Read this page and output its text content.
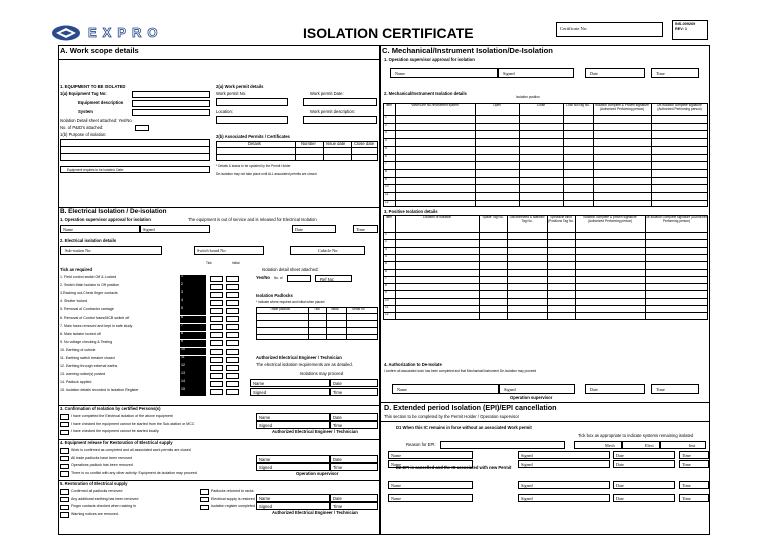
EXPRO	ISOLATION CERTIFICATE	Certificate No:
INS-009269
REV: 1
A. Work scope details
1. EQUIPMENT TO BE ISOLATED
1(a) Equipment Tag No:
Equipment description
System
Isolation Detail sheet attached: Yes/No
No. of P&ID's attached:
1(b) Purpose of isolation:
Equipment requires to be isolated. Date:
2(a) Work permit details
Work permit No.	Work permit Date:
Location:	Work permit description:
2(b) Associated Permits / Certificates
Details	Number Issue date Close date
* Details & status to be updated by the Permit Holder
De-isolation may not take place until ALL associated permits are closed
B. Electrical Isolation / De-isolation
1. Operation supervisor approval for isolation	The equipment is out of service and is released for Electrical Isolation
Name	Signed	Date	Time
2. Electrical isolation details
Sub-station No:	Switch board No:	Cubicle No:
Tick as required
Tick	Initial
1. Field control switch Off & Locked	1
2. Switch Main Isolator to Off position	2
3.Racking out-Check finger contacts	3
4. Shutter locked	4
5. Removal of Contractor carriage	5
6. Removal of Control fuses/MCB switch off	6
7. Main fuses removed and kept in safe study	7
8. Main isolator locked off	8
9. No voltage checking & Testing	9
10. Earthing of cubicle	10
11. Earthing switch breaker closed	11
12. Earthing through external earths	12
13. warning notice(s) posted	13
14. Padlock applied	14
15. Isolation details recorded in Isolation Register	15
Isolation detail sheet attached:
Yes/No No. of	Ref No:
Isolation Padlocks
* indicate where required and initial when placed
Trade padlock	Tick	Initial	Serial no
Authorized Electrical Engineer / Technician
The electrical isolation requirements are as detailed.
Isolations may proceed
Name	Date
Signed	Time
3. Confirmation of Isolation by certified Persons(s)
I have completed the Electrical isolation of the above equipment
I have checked the equipment cannot be started from the Sub-station or MCC
I have checked the equipment cannot be started locally.
Name	Date
Signed	Time
Authorized Electrical Engineer / Technician
4. Equipment release for Restoration of Electrical supply
Work is confirmed as completed and all associated work permits are closed
All trade padlocks have been removed
Operations padlock has been removed
There is no conflict with any other activity: Equipment de-isolation may proceed
Name	Date
Signed	Time
Operation supervisor
5. Restoration of Electrical supply
Confirmed all padlocks removed
Any additional earthing has been removed
Finger contacts checked when racking in
Warning notices are removed.
Padlocks returned to racks
Electrical supply is restored
Isolation register completed
Name	Date
Signed	Time
Authorized Electrical Engineer / Technician
C. Mechanical/Instrument Isolation/De-Isolation
1. Operation supervisor approval for isolation
Name	Signed	Date	Time
2. Mechanical/Instrument Isolation details
Isolation position
Item	Valve/Line No./Instrument system	Open	Close	Lock No/Tag No.	Isolation complete & Proven signature (Authorized Performing person)
De-isolation complete signature (Authorized Performing person)
1
2
3
4
5
6
7
8
9
10
11
12
3. Positive Isolation details
Item	Location of Isolation	Spade Tag No.	Disconnected & Blanked Tag No.
Spectacle blind (Positions Tag No.
Isolation complete & proven signature (Authorized Performing person)
De-isolation complete signature (Authorized Performing person)
1
2
3
4
5
6
7
8
9
10
11
12
4. Authorization to De-Isolate
I confirm all associated work has been completed and that Mechanical/Instrument De-Isolation may proceed
Name	Signed	Date	Time
Operation supervisor
D. Extended period Isolation (EPI)/EPI cancellation
This section to be completed by the Permit Holder / Operation supervisor
D1 When this IC remains in force without an associated Work permit
Tick box as appropriate to indicate systems remaining isolated
Reason for EPI:	Mech	Elect	Inst
Name	Signed	Date	Time
Name	Signed	Date	Time
Name	Signed	Date	Time
Name	Signed	Date	Time
D2 EPI is cancelled and the IC associated with new Permit
